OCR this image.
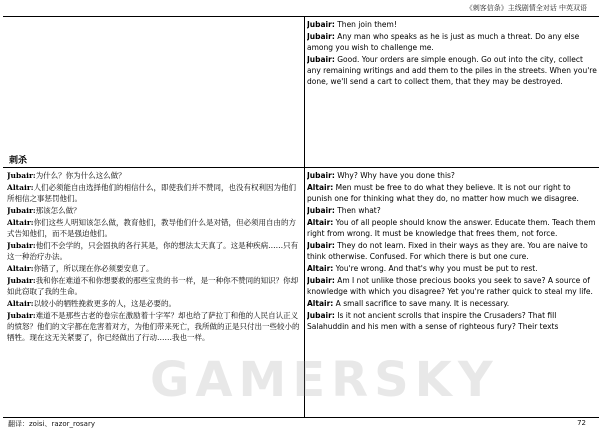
《刺客信条》主线剧情全对话 中英双语
Jubair: Then join them!
Jubair: Any man who speaks as he is just as much a threat. Do any else among you wish to challenge me.
Jubair: Good. Your orders are simple enough. Go out into the city, collect any remaining writings and add them to the piles in the streets. When you're done, we'll send a cart to collect them, that they may be destroyed.
刺杀
Jubair:为什么？你为什么这么做？
Altair:人们必须能自由选择他们的相信什么，即使我们并不赞同，也没有权利因为他们所相信之事惩罚他们。
Jubair:那该怎么做？
Altair:你们这些人明知该怎么做，教育他们，教导他们什么是对错，但必须用自由的方式告知他们，而不是强迫他们。
Jubair:他们不会学的，只会固执的各行其是，你的想法太天真了。这是种疾病……只有这一种治疗办法。
Altair:你错了，所以现在你必须要安息了。
Jubair:我和你在难道不和你想要救的那些宝贵的书一样，是一种你不赞同的知识？你却如此窃取了我的生命。
Altair:以较小的牺牲挽救更多的人，这是必要的。
Jubair:难道不是那些古老的卷宗在激励着十字军？却也给了萨拉丁和他的人民自认正义的愤怒？他们的文字都在危害着对方，为他们带来死亡，我所做的正是只付出一些较小的牺牲。现在这无关紧要了，你已经做出了行动……我也一样。
Jubair: Why? Why have you done this?
Altair: Men must be free to do what they believe. It is not our right to punish one for thinking what they do, no matter how much we disagree.
Jubair: Then what?
Altair: You of all people should know the answer. Educate them. Teach them right from wrong. It must be knowledge that frees them, not force.
Jubair: They do not learn. Fixed in their ways as they are. You are naive to think otherwise. Confused. For which there is but one cure.
Altair: You're wrong. And that's why you must be put to rest.
Jubair: Am I not unlike those precious books you seek to save? A source of knowledge with which you disagree? Yet you're rather quick to steal my life.
Altair: A small sacrifice to save many. It is necessary.
Jubair: Is it not ancient scrolls that inspire the Crusaders? That fill Salahuddin and his men with a sense of righteous fury? Their texts
GAMERSKY
翻译：zoisi、razor_rosary	72
